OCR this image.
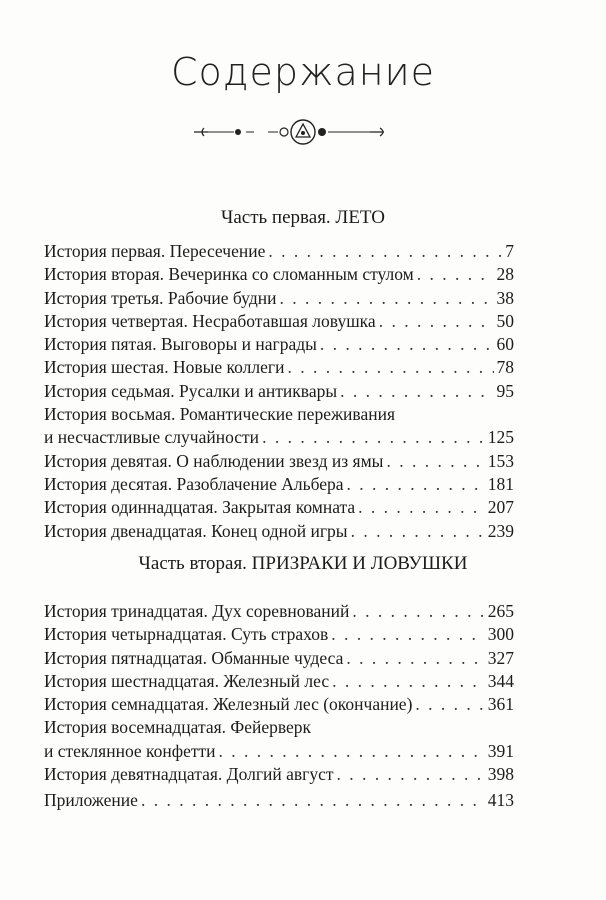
Содержание
Часть первая. ЛЕТО
История первая. Пересечение . . .	7
История вторая. Вечеринка со сломанным стулом . . .	28
История третья. Рабочие будни . . .	38
История четвертая. Несработавшая ловушка . . .	50
История пятая. Выговоры и награды . . .	60
История шестая. Новые коллеги . . .	78
История седьмая. Русалки и антиквары . . .	95
История восьмая. Романтические переживания
и несчастливые случайности . . .	125
История девятая. О наблюдении звезд из ямы . . .	153
История десятая. Разоблачение Альбера . . .	181
История одиннадцатая. Закрытая комната . . .	207
История двенадцатая. Конец одной игры . . .	239
Часть вторая. ПРИЗРАКИ И ЛОВУШКИ
История тринадцатая. Дух соревнований . . .	265
История четырнадцатая. Суть страхов . . .	300
История пятнадцатая. Обманные чудеса . . .	327
История шестнадцатая. Железный лес . . .	344
История семнадцатая. Железный лес (окончание) . . .	361
История восемнадцатая. Фейерверк
и стеклянное конфетти . . .	391
История девятнадцатая. Долгий август . . .	398
Приложение . . .	413
